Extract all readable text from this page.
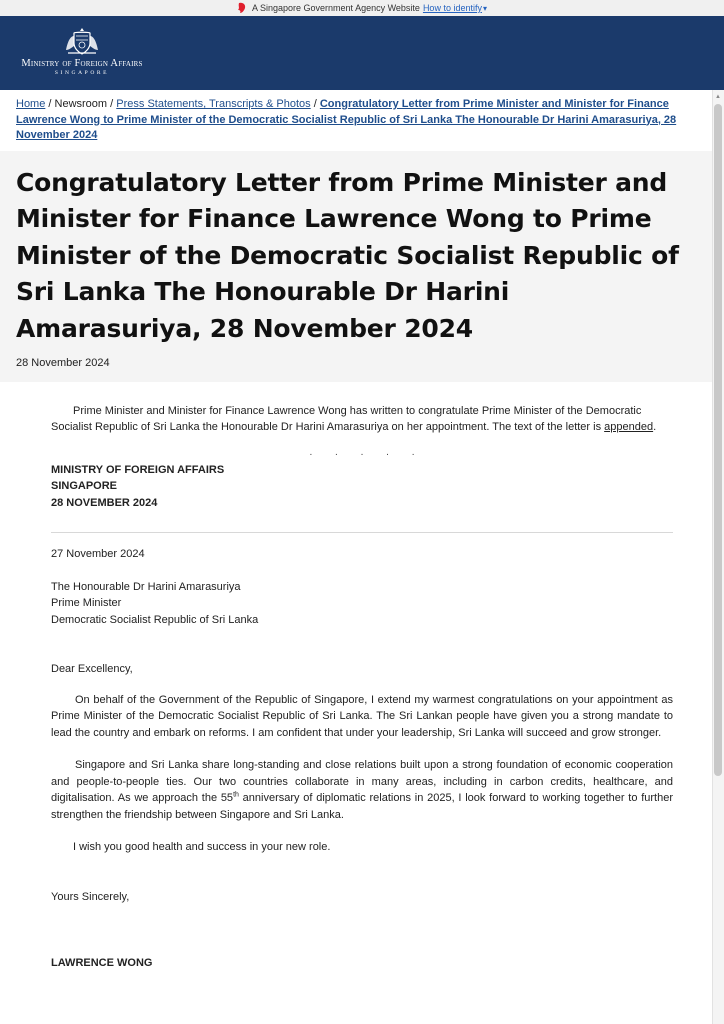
A Singapore Government Agency Website How to identify ▾
Ministry of Foreign Affairs
SINGAPORE
▲
Home / Newsroom / Press Statements, Transcripts & Photos / Congratulatory Letter from Prime Minister and Minister for Finance Lawrence Wong to Prime Minister of the Democratic Socialist Republic of Sri Lanka The Honourable Dr Harini Amarasuriya, 28 November 2024
Congratulatory Letter from Prime Minister and Minister for Finance Lawrence Wong to Prime Minister of the Democratic Socialist Republic of Sri Lanka The Honourable Dr Harini Amarasuriya, 28 November 2024
28 November 2024

Prime Minister and Minister for Finance Lawrence Wong has written to congratulate Prime Minister of the Democratic Socialist Republic of Sri Lanka the Honourable Dr Harini Amarasuriya on her appointment. The text of the letter is appended.

. . . . .
MINISTRY OF FOREIGN AFFAIRS
SINGAPORE
28 NOVEMBER 2024
27 November 2024
The Honourable Dr Harini Amarasuriya
Prime Minister
Democratic Socialist Republic of Sri Lanka
Dear Excellency,

On behalf of the Government of the Republic of Singapore, I extend my warmest congratulations on your appointment as Prime Minister of the Democratic Socialist Republic of Sri Lanka. The Sri Lankan people have given you a strong mandate to lead the country and embark on reforms. I am confident that under your leadership, Sri Lanka will succeed and grow stronger.

Singapore and Sri Lanka share long-standing and close relations built upon a strong foundation of economic cooperation and people-to-people ties. Our two countries collaborate in many areas, including in carbon credits, healthcare, and digitalisation. As we approach the 55th anniversary of diplomatic relations in 2025, I look forward to working together to further strengthen the friendship between Singapore and Sri Lanka.

I wish you good health and success in your new role.

Yours Sincerely,
LAWRENCE WONG
